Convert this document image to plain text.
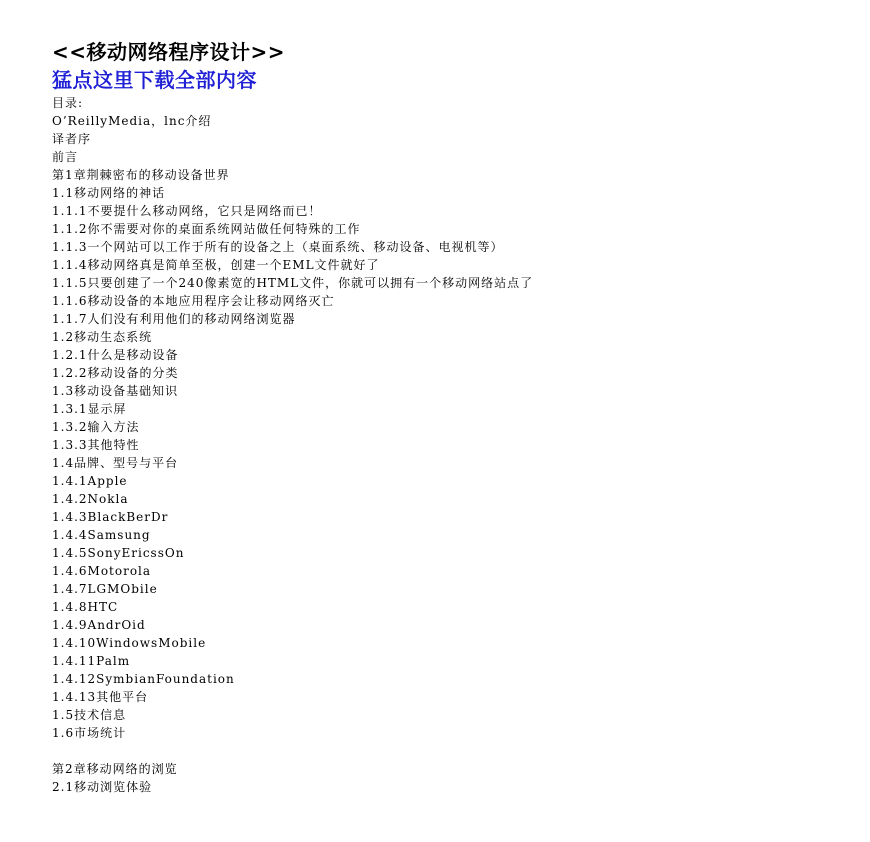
<<移动网络程序设计>>
猛点这里下载全部内容
目录:
O’ReillyMedia，lnc介绍
译者序
前言
第1章荆棘密布的移动设备世界
1.1移动网络的神话
1.1.1不要提什么移动网络，它只是网络而已！
1.1.2你不需要对你的桌面系统网站做任何特殊的工作
1.1.3一个网站可以工作于所有的设备之上（桌面系统、移动设备、电视机等）
1.1.4移动网络真是简单至极，创建一个EML文件就好了
1.1.5只要创建了一个240像素宽的HTML文件，你就可以拥有一个移动网络站点了
1.1.6移动设备的本地应用程序会让移动网络灭亡
1.1.7人们没有利用他们的移动网络浏览器
1.2移动生态系统
1.2.1什么是移动设备
1.2.2移动设备的分类
1.3移动设备基础知识
1.3.1显示屏
1.3.2输入方法
1.3.3其他特性
1.4品牌、型号与平台
1.4.1Apple
1.4.2Nokla
1.4.3BlackBerDr
1.4.4Samsung
1.4.5SonyEricssOn
1.4.6Motorola
1.4.7LGMObile
1.4.8HTC
1.4.9AndrOid
1.4.10WindowsMobile
1.4.11Palm
1.4.12SymbianFoundation
1.4.13其他平台
1.5技术信息
1.6市场统计
第2章移动网络的浏览
2.1移动浏览体验
